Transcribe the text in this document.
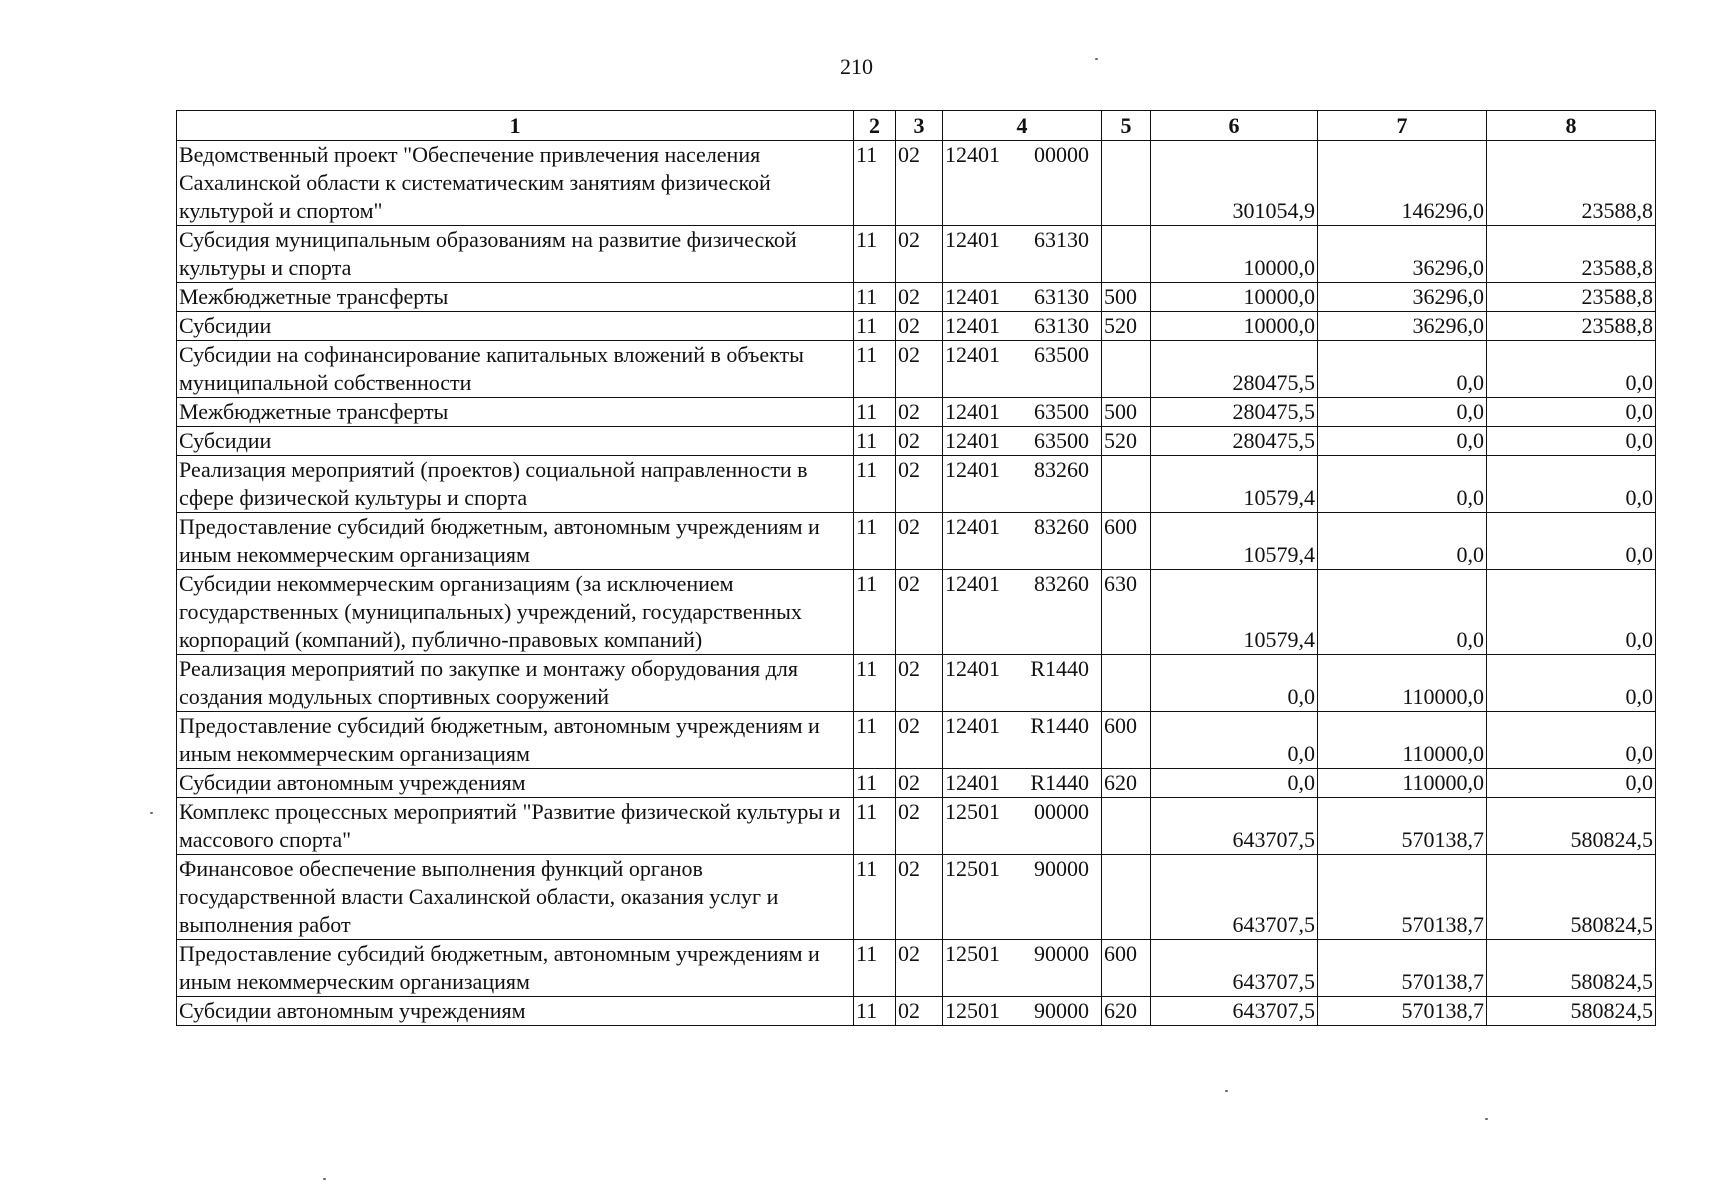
210
1	2	3	4	5	6	7	8
Ведомственный проект "Обеспечение привлечения населения Сахалинской области к систематическим занятиям физической культурой и спортом"	11	02	12401 00000		301054,9	146296,0	23588,8
Субсидия муниципальным образованиям на развитие физической культуры и спорта	11	02	12401 63130		10000,0	36296,0	23588,8
Межбюджетные трансферты	11	02	12401 63130	500	10000,0	36296,0	23588,8
Субсидии	11	02	12401 63130	520	10000,0	36296,0	23588,8
Субсидии на софинансирование капитальных вложений в объекты муниципальной собственности	11	02	12401 63500		280475,5	0,0	0,0
Межбюджетные трансферты	11	02	12401 63500	500	280475,5	0,0	0,0
Субсидии	11	02	12401 63500	520	280475,5	0,0	0,0
Реализация мероприятий (проектов) социальной направленности в сфере физической культуры и спорта	11	02	12401 83260		10579,4	0,0	0,0
Предоставление субсидий бюджетным, автономным учреждениям и иным некоммерческим организациям	11	02	12401 83260	600	10579,4	0,0	0,0
Субсидии некоммерческим организациям (за исключением государственных (муниципальных) учреждений, государственных корпораций (компаний), публично-правовых компаний)	11	02	12401 83260	630	10579,4	0,0	0,0
Реализация мероприятий по закупке и монтажу оборудования для создания модульных спортивных сооружений	11	02	12401 R1440		0,0	110000,0	0,0
Предоставление субсидий бюджетным, автономным учреждениям и иным некоммерческим организациям	11	02	12401 R1440	600	0,0	110000,0	0,0
Субсидии автономным учреждениям	11	02	12401 R1440	620	0,0	110000,0	0,0
Комплекс процессных мероприятий "Развитие физической культуры и массового спорта"	11	02	12501 00000		643707,5	570138,7	580824,5
Финансовое обеспечение выполнения функций органов государственной власти Сахалинской области, оказания услуг и выполнения работ	11	02	12501 90000		643707,5	570138,7	580824,5
Предоставление субсидий бюджетным, автономным учреждениям и иным некоммерческим организациям	11	02	12501 90000	600	643707,5	570138,7	580824,5
Субсидии автономным учреждениям	11	02	12501 90000	620	643707,5	570138,7	580824,5
